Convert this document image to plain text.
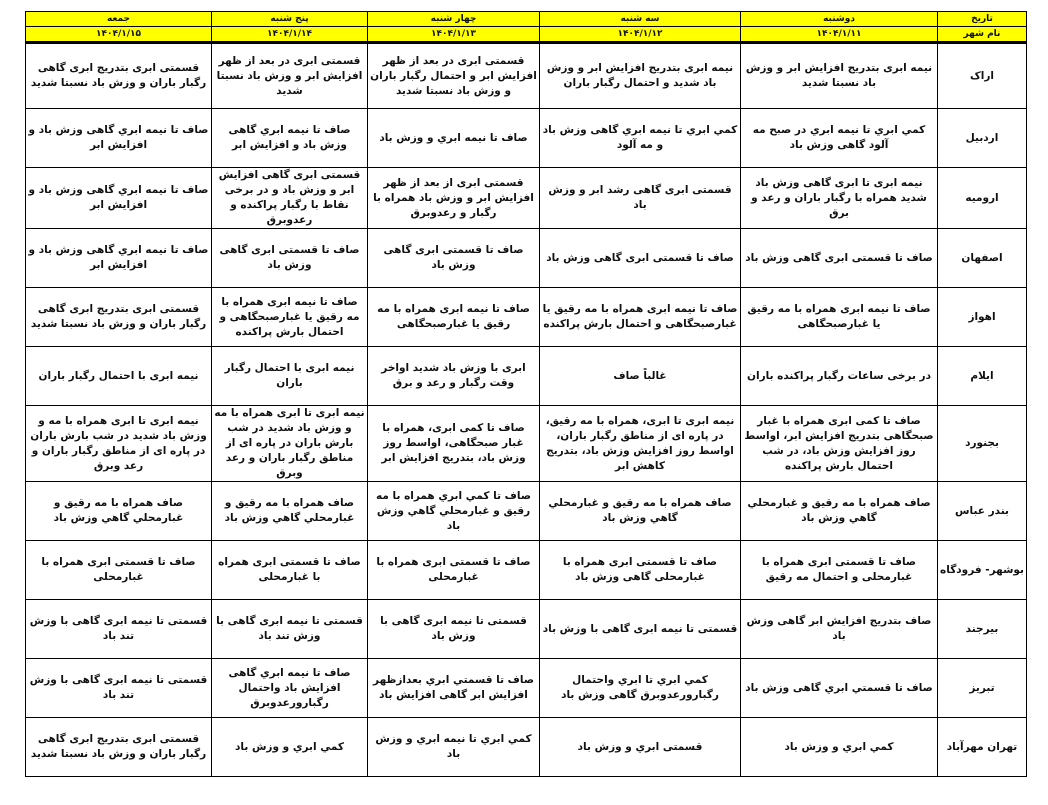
تاریخ	دوشنبه	سه شنبه	چهار شنبه	پنج شنبه	جمعه
نام شهر	۱۴۰۴/۱/۱۱	۱۴۰۴/۱/۱۲	۱۴۰۴/۱/۱۳	۱۴۰۴/۱/۱۴	۱۴۰۴/۱/۱۵
اراک	نیمه ابری بتدریج افزایش ابر و وزش باد نسبتا شدید	نیمه ابری بتدریج افزایش ابر و وزش باد شدید و احتمال رگبار باران	قسمتی ابری در بعد از ظهر افزایش ابر و احتمال رگبار باران و وزش باد نسبتا شدید	قسمتی ابری در بعد از ظهر افزایش ابر و وزش باد نسبتا شدید	قسمتی ابری بتدریج ابری گاهی رگبار باران و وزش باد نسبتا شدید
اردبیل	كمي ابري تا نيمه ابري در صبح مه آلود گاهی وزش باد	كمي ابري تا نيمه ابري گاهی وزش باد و مه آلود	صاف تا نیمه ابري و وزش باد	صاف تا نيمه ابري گاهی وزش باد و افزايش ابر	صاف تا نيمه ابري گاهی وزش باد و افزايش ابر
ارومیه	نیمه ابری تا ابری گاهی وزش باد شدید همراه با رگبار باران و رعد و برق	قسمتی ابری گاهی رشد ابر و وزش باد	قسمتی ابری از بعد از ظهر افزایش ابر و وزش باد همراه با رگبار و رعدوبرق	قسمتی ابری گاهی افزایش ابر و وزش باد و در برخی نقاط با رگبار پراکنده و رعدوبرق	صاف تا نيمه ابري گاهی وزش باد و افزايش ابر
اصفهان	صاف تا قسمتی ابری گاهی وزش باد	صاف تا قسمتی ابری گاهی وزش باد	صاف تا قسمتی ابری گاهی وزش باد	صاف تا قسمتی ابری گاهی وزش باد	صاف تا نيمه ابري گاهی وزش باد و افزايش ابر
اهواز	صاف تا نیمه ابری همراه با مه رقیق یا غبارصبحگاهی	صاف تا نیمه ابری همراه با مه رقیق یا غبارصبحگاهی و احتمال بارش پراکنده	صاف تا نیمه ابری همراه با مه رقیق یا غبارصبحگاهی	صاف تا نیمه ابری همراه با مه رقیق یا غبارصبحگاهی و احتمال بارش پراکنده	قسمتی ابری بتدریج ابری گاهی رگبار باران و وزش باد نسبتا شدید
ایلام	در برخی ساعات رگبار پراکنده باران	غالباً صاف	ابری با وزش باد شدید اواخر وقت رگبار و رعد و برق	نیمه ابری با احتمال رگبار باران	نیمه ابری با احتمال رگبار باران
بجنورد	صاف تا کمی ابری همراه با غبار صبحگاهی بتدریج افزایش ابر، اواسط روز افزایش وزش باد، در شب احتمال بارش پراکنده	نیمه ابری تا ابری، همراه با مه رقیق، در پاره ای از مناطق رگبار باران، اواسط روز افزایش وزش باد، بتدریج کاهش ابر	صاف تا کمی ابری، همراه با غبار صبحگاهی، اواسط روز وزش باد، بتدریج افزایش ابر	نیمه ابری تا ابری همراه با مه و وزش باد شدید در شب بارش باران در پاره ای از مناطق رگبار باران و رعد وبرق	نیمه ابری تا ابری همراه با مه و وزش باد شدید در شب بارش باران در پاره ای از مناطق رگبار باران و رعد وبرق
بندر عباس	صاف همراه با مه رقيق و غبارمحلي گاهي وزش باد	صاف همراه با مه رقيق و غبارمحلي گاهي وزش باد	صاف تا كمي ابري همراه با مه رقيق و غبارمحلي گاهي وزش باد	صاف همراه با مه رقيق و غبارمحلي گاهي وزش باد	صاف همراه با مه رقيق و غبارمحلي گاهي وزش باد
بوشهر- فرودگاه	صاف تا قسمتی ابری همراه با غبارمحلی و احتمال مه رقیق	صاف تا قسمتی ابری همراه با غبارمحلی گاهی وزش باد	صاف تا قسمتی ابری همراه با غبارمحلی	صاف تا قسمتی ابری همراه با غبارمحلی	صاف تا قسمتی ابری همراه با غبارمحلی
بیرجند	صاف بتدریج افزایش ابر گاهی وزش باد	قسمتی تا نیمه ابری گاهی با وزش باد	قسمتی تا نیمه ابری گاهی با وزش باد	قسمتی تا نیمه ابری گاهی با وزش تند باد	قسمتی تا نیمه ابری گاهی با وزش تند باد
تبریز	صاف تا قسمتي ابري گاهی وزش باد	كمي ابري تا ابري واحتمال رگبارورعدوبرق گاهی وزش باد	صاف تا قسمتي ابري بعدازظهر افزايش ابر گاهی افزايش باد	صاف تا نيمه ابري گاهی افزايش باد واحتمال رگبارورعدوبرق	قسمتی تا نیمه ابری گاهی با وزش تند باد
تهران مهرآباد	كمي ابري و وزش باد	قسمتی ابري و وزش باد	كمي ابري تا نيمه ابري و وزش باد	كمي ابري و وزش باد	قسمتی ابری بتدریج ابری گاهی رگبار باران و وزش باد نسبتا شدید
